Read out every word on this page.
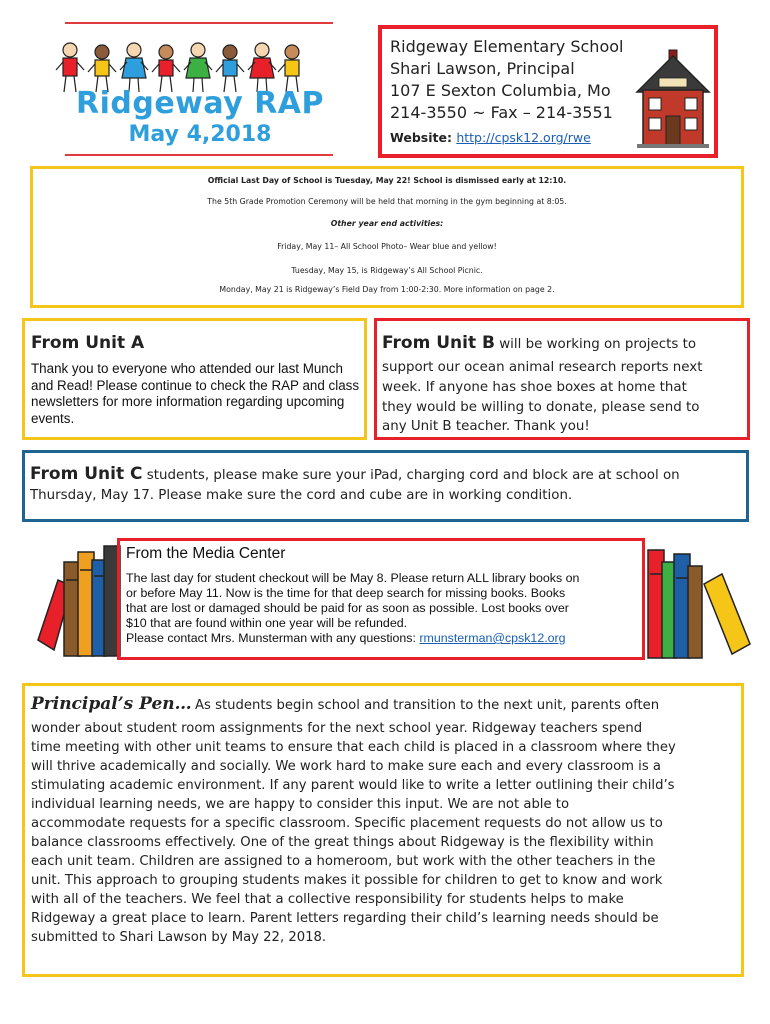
Ridgeway RAP
May 4,2018
Ridgeway Elementary School
Shari Lawson, Principal
107 E Sexton Columbia, Mo
214-3550 ~ Fax – 214-3551
Website: http://cpsk12.org/rwe
Official Last Day of School is Tuesday, May 22! School is dismissed early at 12:10.
The 5th Grade Promotion Ceremony will be held that morning in the gym beginning at 8:05.
Other year end activities:
Friday, May 11– All School Photo– Wear blue and yellow!
Tuesday, May 15, is Ridgeway’s All School Picnic.
Monday, May 21 is Ridgeway’s Field Day from 1:00-2:30. More information on page 2.
From Unit A
Thank you to everyone who attended our last Munch and Read! Please continue to check the RAP and class newsletters for more information regarding upcoming events.
From Unit B will be working on projects to
support our ocean animal research reports next
week. If anyone has shoe boxes at home that
they would be willing to donate, please send to
any Unit B teacher. Thank you!
From Unit C students, please make sure your iPad, charging cord and block are at school on
Thursday, May 17. Please make sure the cord and cube are in working condition.
From the Media Center
The last day for student checkout will be May 8. Please return ALL library books on
or before May 11. Now is the time for that deep search for missing books. Books
that are lost or damaged should be paid for as soon as possible. Lost books over
$10 that are found within one year will be refunded.
Please contact Mrs. Munsterman with any questions: rmunsterman@cpsk12.org
Principal’s Pen… As students begin school and transition to the next unit, parents often
wonder about student room assignments for the next school year. Ridgeway teachers spend
time meeting with other unit teams to ensure that each child is placed in a classroom where they
will thrive academically and socially. We work hard to make sure each and every classroom is a
stimulating academic environment. If any parent would like to write a letter outlining their child’s
individual learning needs, we are happy to consider this input. We are not able to
accommodate requests for a specific classroom. Specific placement requests do not allow us to
balance classrooms effectively. One of the great things about Ridgeway is the flexibility within
each unit team. Children are assigned to a homeroom, but work with the other teachers in the
unit. This approach to grouping students makes it possible for children to get to know and work
with all of the teachers. We feel that a collective responsibility for students helps to make
Ridgeway a great place to learn. Parent letters regarding their child’s learning needs should be
submitted to Shari Lawson by May 22, 2018.
